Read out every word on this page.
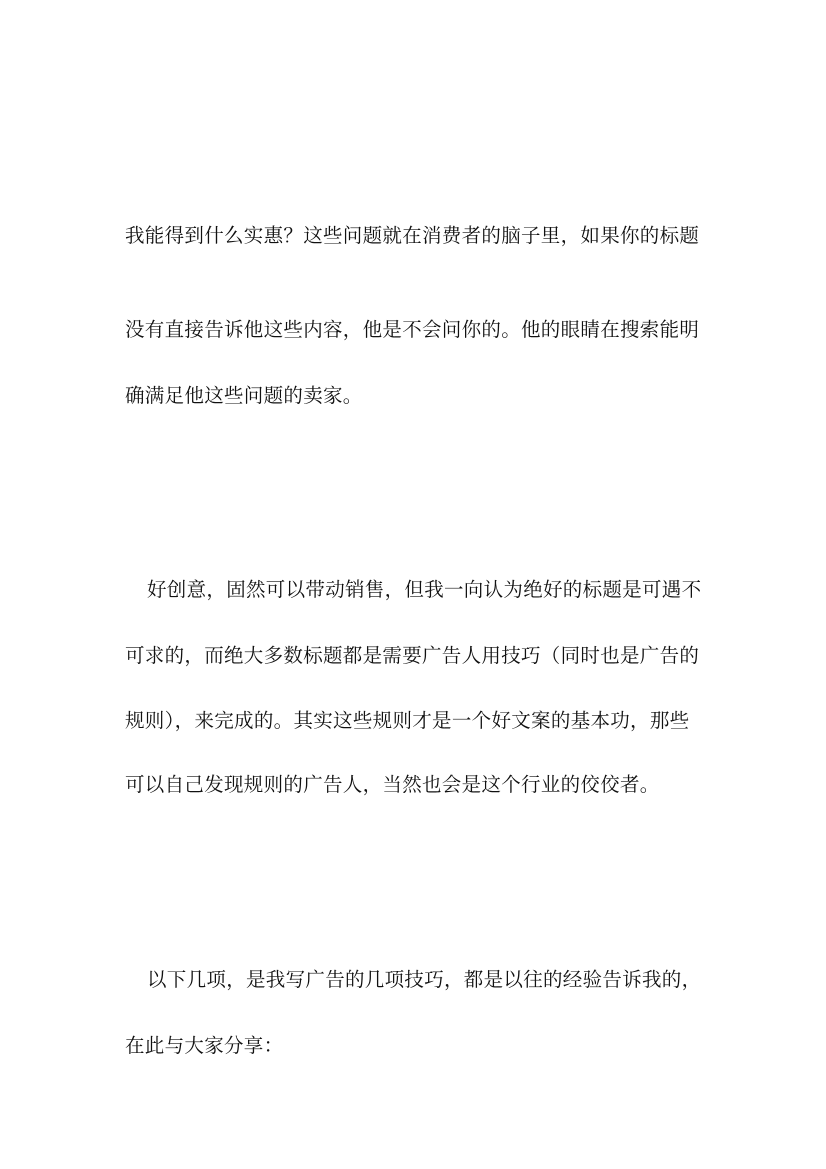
我能得到什么实惠？这些问题就在消费者的脑子里，如果你的标题
没有直接告诉他这些内容，他是不会问你的。他的眼睛在搜索能明
确满足他这些问题的卖家。
好创意，固然可以带动销售，但我一向认为绝好的标题是可遇不
可求的，而绝大多数标题都是需要广告人用技巧（同时也是广告的
规则），来完成的。其实这些规则才是一个好文案的基本功，那些
可以自己发现规则的广告人，当然也会是这个行业的佼佼者。
以下几项，是我写广告的几项技巧，都是以往的经验告诉我的，
在此与大家分享：
